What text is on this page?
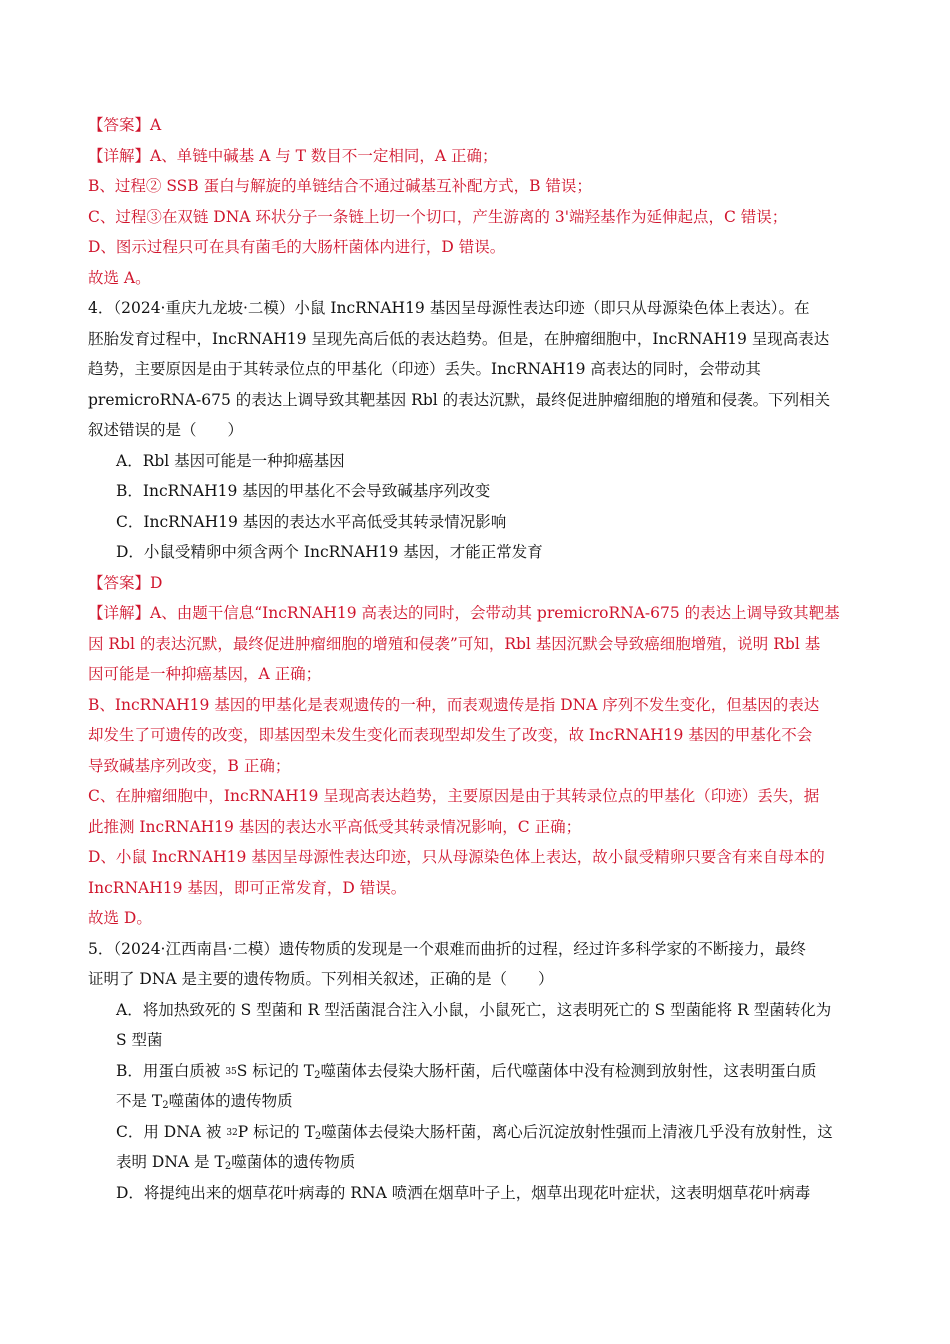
【答案】A
【详解】A、单链中碱基 A 与 T 数目不一定相同，A 正确；
B、过程② SSB 蛋白与解旋的单链结合不通过碱基互补配方式，B 错误；
C、过程③在双链 DNA 环状分子一条链上切一个切口，产生游离的 3'端羟基作为延伸起点，C 错误；
D、图示过程只可在具有菌毛的大肠杆菌体内进行，D 错误。
故选 A。
4．（2024·重庆九龙坡·二模）小鼠 IncRNAH19 基因呈母源性表达印迹（即只从母源染色体上表达）。在
胚胎发育过程中，IncRNAH19 呈现先高后低的表达趋势。但是，在肿瘤细胞中，IncRNAH19 呈现高表达
趋势，主要原因是由于其转录位点的甲基化（印迹）丢失。IncRNAH19 高表达的同时，会带动其
premicroRNA-675 的表达上调导致其靶基因 Rbl 的表达沉默，最终促进肿瘤细胞的增殖和侵袭。下列相关
叙述错误的是（　　）
A．Rbl 基因可能是一种抑癌基因
B．IncRNAH19 基因的甲基化不会导致碱基序列改变
C．IncRNAH19 基因的表达水平高低受其转录情况影响
D．小鼠受精卵中须含两个 IncRNAH19 基因，才能正常发育
【答案】D
【详解】A、由题干信息“IncRNAH19 高表达的同时，会带动其 premicroRNA-675 的表达上调导致其靶基
因 Rbl 的表达沉默，最终促进肿瘤细胞的增殖和侵袭”可知，Rbl 基因沉默会导致癌细胞增殖，说明 Rbl 基
因可能是一种抑癌基因，A 正确；
B、IncRNAH19 基因的甲基化是表观遗传的一种，而表观遗传是指 DNA 序列不发生变化，但基因的表达
却发生了可遗传的改变，即基因型未发生变化而表现型却发生了改变，故 IncRNAH19 基因的甲基化不会
导致碱基序列改变，B 正确；
C、在肿瘤细胞中，IncRNAH19 呈现高表达趋势，主要原因是由于其转录位点的甲基化（印迹）丢失，据
此推测 IncRNAH19 基因的表达水平高低受其转录情况影响，C 正确；
D、小鼠 IncRNAH19 基因呈母源性表达印迹，只从母源染色体上表达，故小鼠受精卵只要含有来自母本的
IncRNAH19 基因，即可正常发育，D 错误。
故选 D。
5．（2024·江西南昌·二模）遗传物质的发现是一个艰难而曲折的过程，经过许多科学家的不断接力，最终
证明了 DNA 是主要的遗传物质。下列相关叙述，正确的是（　　）
A．将加热致死的 S 型菌和 R 型活菌混合注入小鼠，小鼠死亡，这表明死亡的 S 型菌能将 R 型菌转化为
S 型菌
B．用蛋白质被 $^{35}$S 标记的 $T_2$噬菌体去侵染大肠杆菌，后代噬菌体中没有检测到放射性，这表明蛋白质
不是 $T_2$噬菌体的遗传物质
C．用 DNA 被 $^{32}$P 标记的 $T_2$噬菌体去侵染大肠杆菌，离心后沉淀放射性强而上清液几乎没有放射性，这
表明 DNA 是 $T_2$噬菌体的遗传物质
D．将提纯出来的烟草花叶病毒的 RNA 喷洒在烟草叶子上，烟草出现花叶症状，这表明烟草花叶病毒
